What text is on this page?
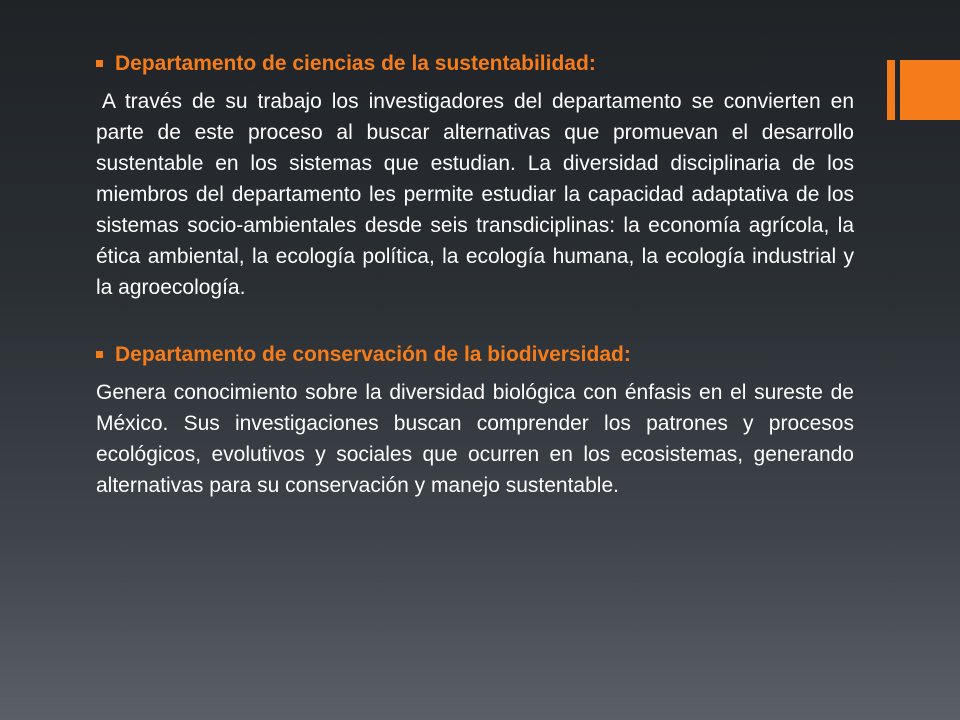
Departamento de ciencias de la sustentabilidad:

A través de su trabajo los investigadores del departamento se convierten en parte de este proceso al buscar alternativas que promuevan el desarrollo sustentable en los sistemas que estudian. La diversidad disciplinaria de los miembros del departamento les permite estudiar la capacidad adaptativa de los sistemas socio-ambientales desde seis transdiciplinas: la economía agrícola, la ética ambiental, la ecología política, la ecología humana, la ecología industrial y la agroecología.

Departamento de conservación de la biodiversidad:

Genera conocimiento sobre la diversidad biológica con énfasis en el sureste de México. Sus investigaciones buscan comprender los patrones y procesos ecológicos, evolutivos y sociales que ocurren en los ecosistemas, generando alternativas para su conservación y manejo sustentable.
